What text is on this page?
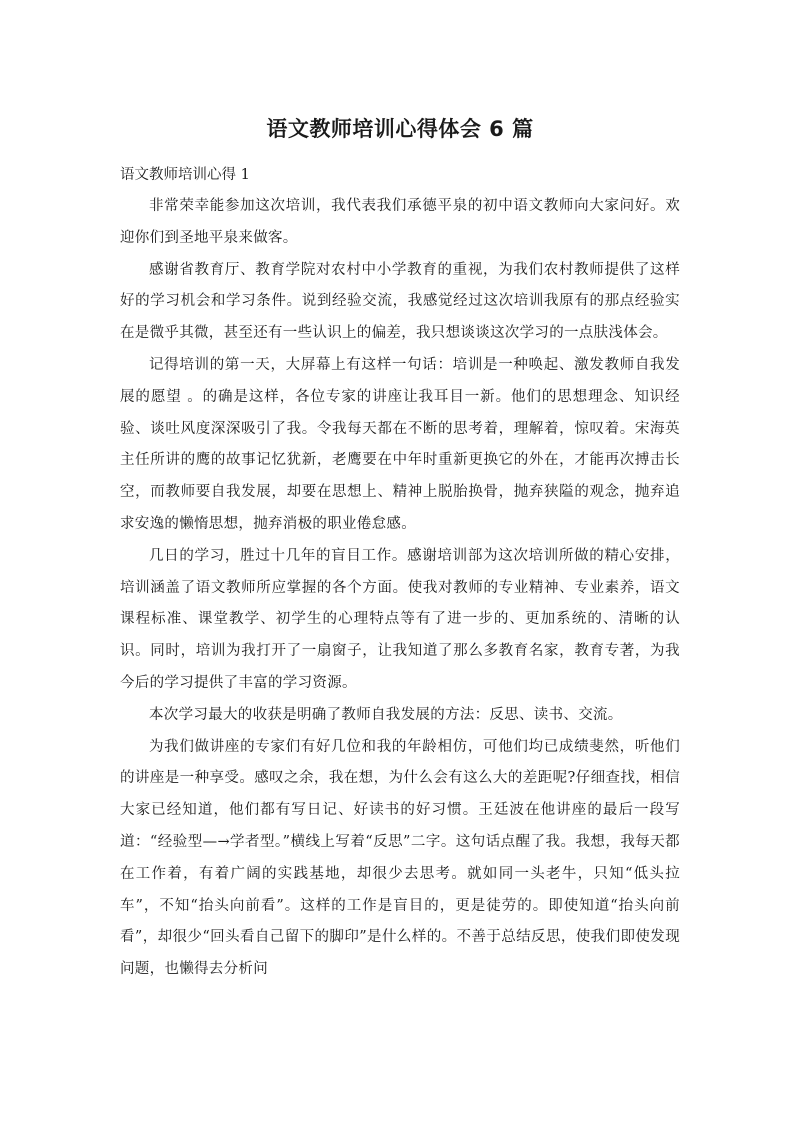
语文教师培训心得体会 6 篇

语文教师培训心得 1

非常荣幸能参加这次培训，我代表我们承德平泉的初中语文教师向大家问好。欢迎你们到圣地平泉来做客。

感谢省教育厅、教育学院对农村中小学教育的重视，为我们农村教师提供了这样好的学习机会和学习条件。说到经验交流，我感觉经过这次培训我原有的那点经验实在是微乎其微，甚至还有一些认识上的偏差，我只想谈谈这次学习的一点肤浅体会。

记得培训的第一天，大屏幕上有这样一句话：培训是一种唤起、激发教师自我发展的愿望 。的确是这样，各位专家的讲座让我耳目一新。他们的思想理念、知识经验、谈吐风度深深吸引了我。令我每天都在不断的思考着，理解着，惊叹着。宋海英主任所讲的鹰的故事记忆犹新，老鹰要在中年时重新更换它的外在，才能再次搏击长空，而教师要自我发展，却要在思想上、精神上脱胎换骨，抛弃狭隘的观念，抛弃追求安逸的懒惰思想，抛弃消极的职业倦怠感。

几日的学习，胜过十几年的盲目工作。感谢培训部为这次培训所做的精心安排，培训涵盖了语文教师所应掌握的各个方面。使我对教师的专业精神、专业素养，语文课程标准、课堂教学、初学生的心理特点等有了进一步的、更加系统的、清晰的认识。同时，培训为我打开了一扇窗子，让我知道了那么多教育名家，教育专著，为我今后的学习提供了丰富的学习资源。

本次学习最大的收获是明确了教师自我发展的方法：反思、读书、交流。

为我们做讲座的专家们有好几位和我的年龄相仿，可他们均已成绩斐然，听他们的讲座是一种享受。感叹之余，我在想，为什么会有这么大的差距呢?仔细查找，相信大家已经知道，他们都有写日记、好读书的好习惯。王廷波在他讲座的最后一段写道：“经验型—→学者型。”横线上写着“反思”二字。这句话点醒了我。我想，我每天都在工作着，有着广阔的实践基地，却很少去思考。就如同一头老牛，只知“低头拉车”，不知“抬头向前看”。这样的工作是盲目的，更是徒劳的。即使知道“抬头向前看”，却很少“回头看自己留下的脚印”是什么样的。不善于总结反思，使我们即使发现问题，也懒得去分析问
